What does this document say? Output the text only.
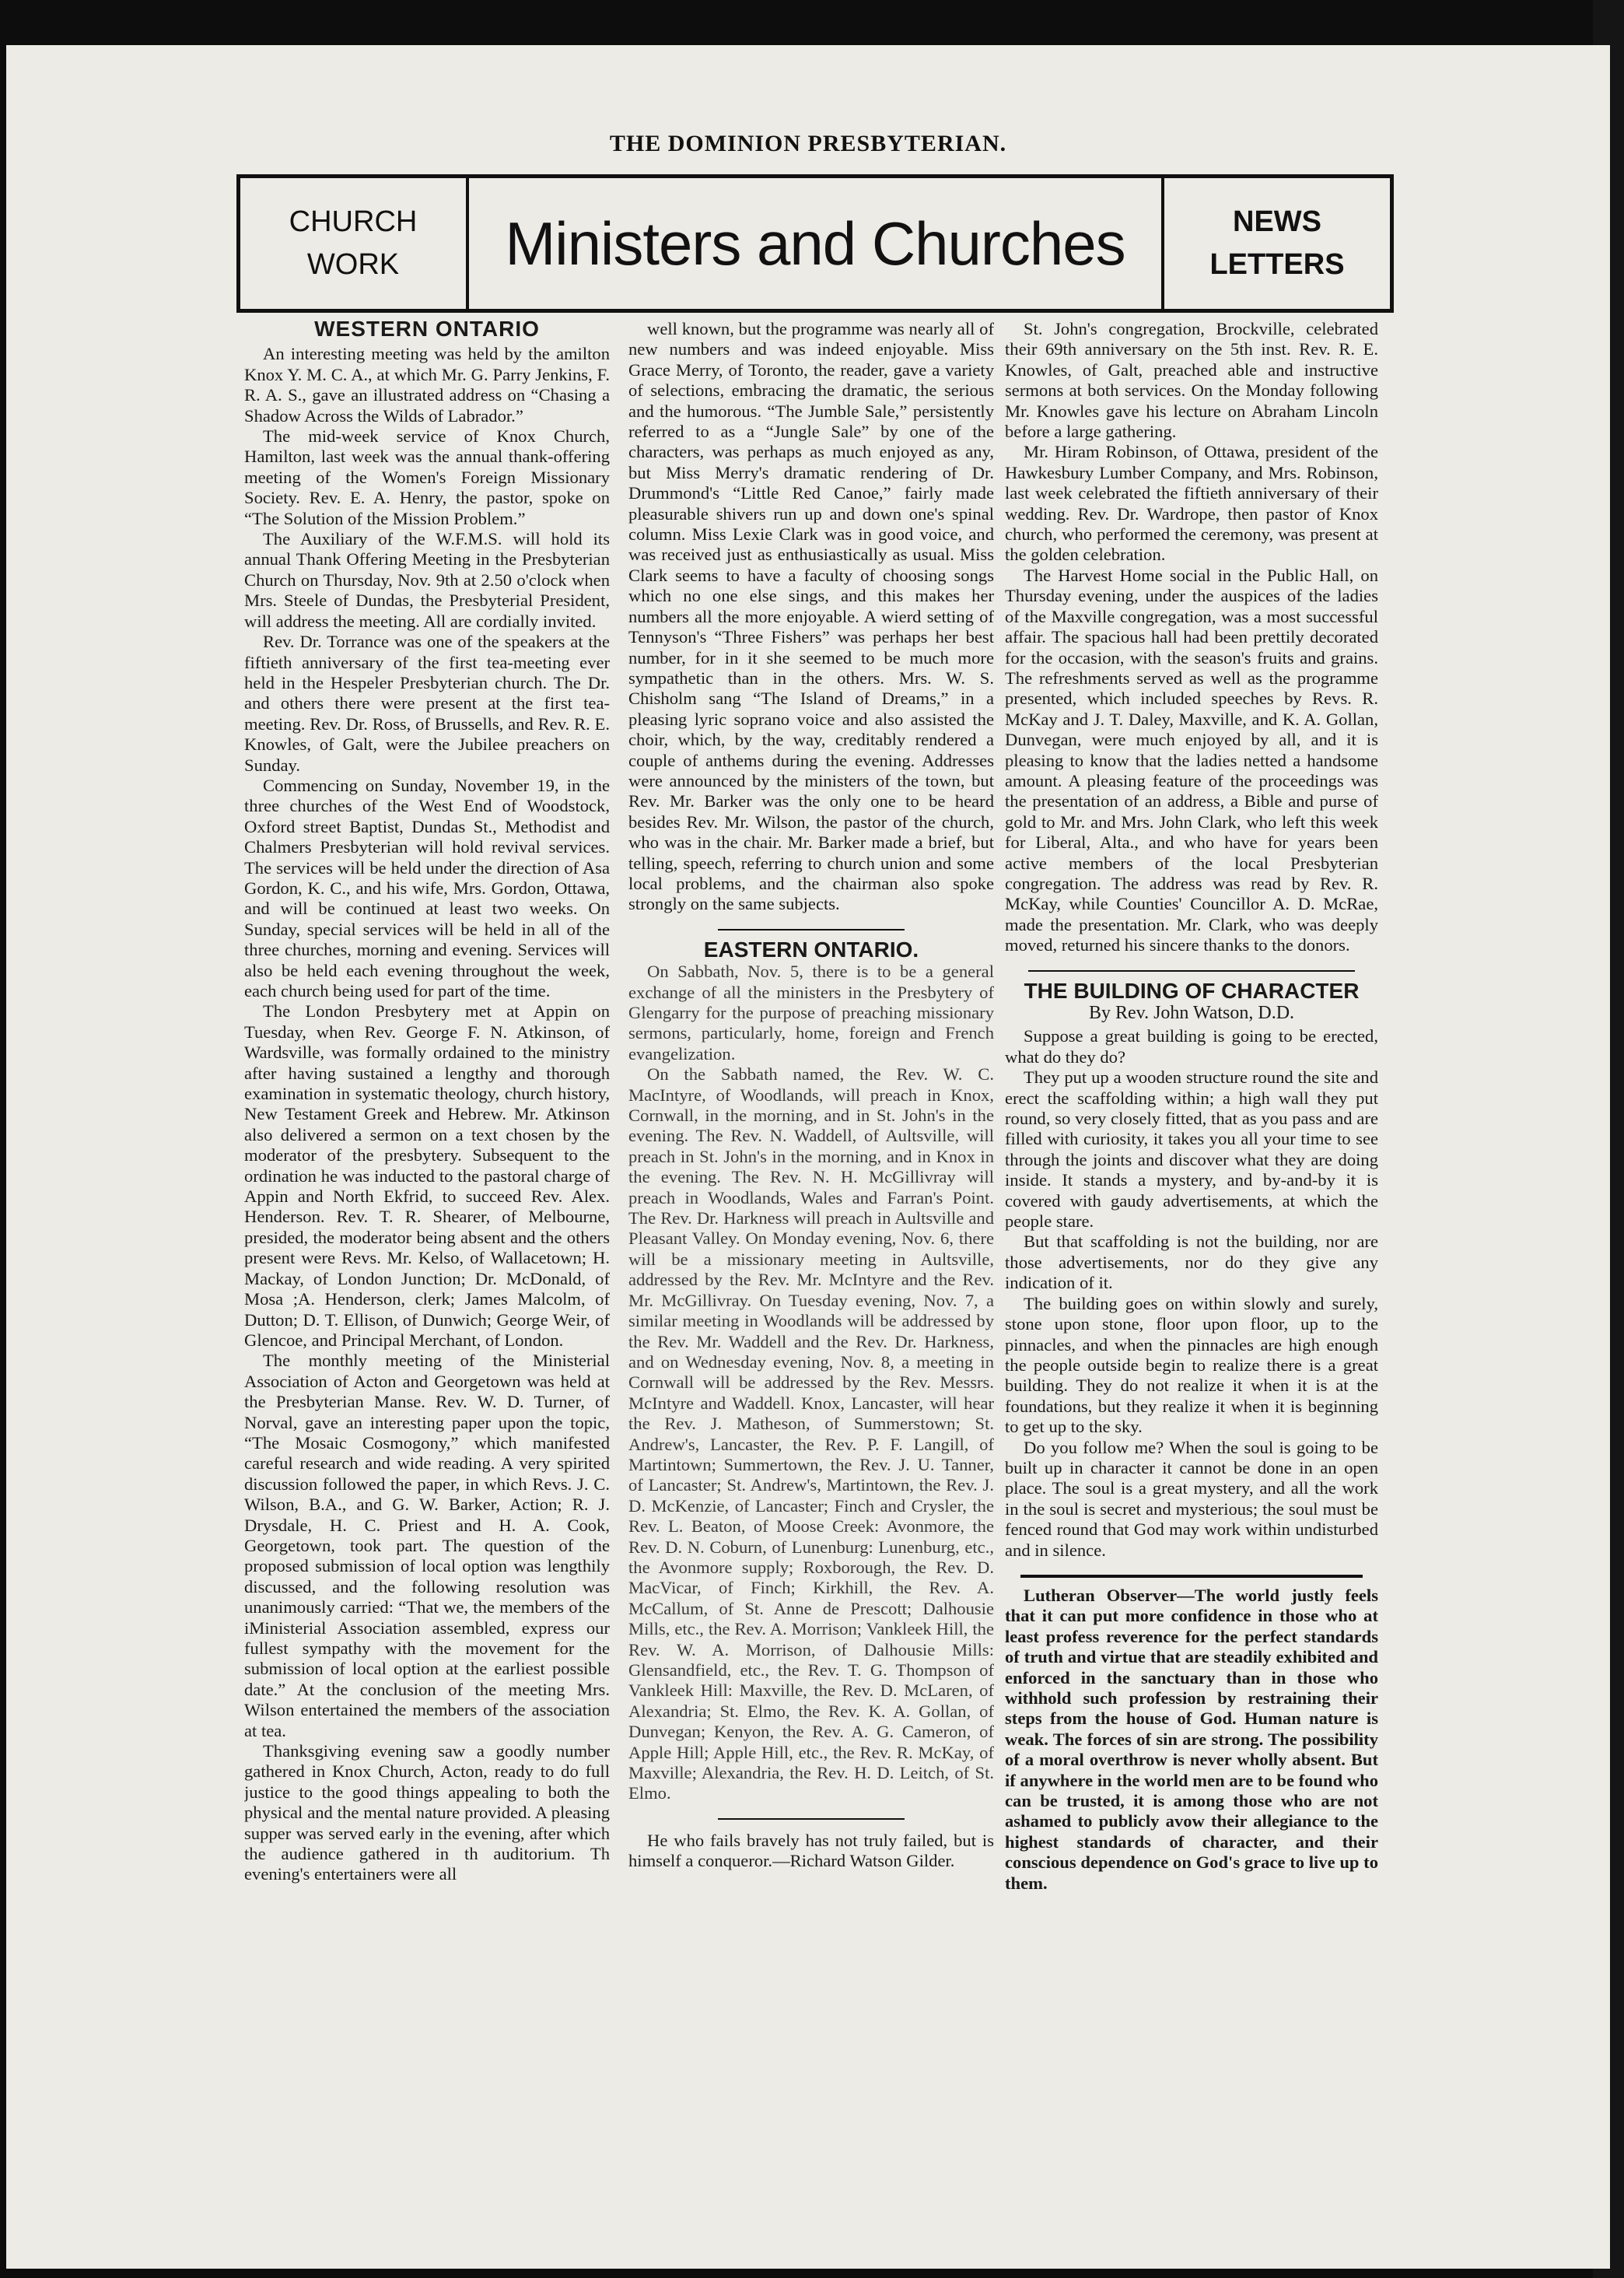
THE DOMINION PRESBYTERIAN.
CHURCH
WORK	Ministers and Churches	NEWS
LETTERS
WESTERN ONTARIO

An interesting meeting was held by the amilton Knox Y. M. C. A., at which Mr. G. Parry Jenkins, F. R. A. S., gave an illustrated address on “Chasing a Shadow Across the Wilds of Labrador.”

The mid-week service of Knox Church, Hamilton, last week was the annual thank-offering meeting of the Women's Foreign Missionary Society. Rev. E. A. Henry, the pastor, spoke on “The Solution of the Mission Problem.”

The Auxiliary of the W.F.M.S. will hold its annual Thank Offering Meeting in the Presbyterian Church on Thursday, Nov. 9th at 2.50 o'clock when Mrs. Steele of Dundas, the Presbyterial President, will address the meeting. All are cordially invited.

Rev. Dr. Torrance was one of the speakers at the fiftieth anniversary of the first tea-meeting ever held in the Hespeler Presbyterian church. The Dr. and others there were present at the first tea-meeting. Rev. Dr. Ross, of Brussells, and Rev. R. E. Knowles, of Galt, were the Jubilee preachers on Sunday.

Commencing on Sunday, November 19, in the three churches of the West End of Woodstock, Oxford street Baptist, Dundas St., Methodist and Chalmers Presbyterian will hold revival services. The services will be held under the direction of Asa Gordon, K. C., and his wife, Mrs. Gordon, Ottawa, and will be continued at least two weeks. On Sunday, special services will be held in all of the three churches, morning and evening. Services will also be held each evening throughout the week, each church being used for part of the time.

The London Presbytery met at Appin on Tuesday, when Rev. George F. N. Atkinson, of Wardsville, was formally ordained to the ministry after having sustained a lengthy and thorough examination in systematic theology, church history, New Testament Greek and Hebrew. Mr. Atkinson also delivered a sermon on a text chosen by the moderator of the presbytery. Subsequent to the ordination he was inducted to the pastoral charge of Appin and North Ekfrid, to succeed Rev. Alex. Henderson. Rev. T. R. Shearer, of Melbourne, presided, the moderator being absent and the others present were Revs. Mr. Kelso, of Wallacetown; H. Mackay, of London Junction; Dr. McDonald, of Mosa ;A. Henderson, clerk; James Malcolm, of Dutton; D. T. Ellison, of Dunwich; George Weir, of Glencoe, and Principal Merchant, of London.

The monthly meeting of the Ministerial Association of Acton and Georgetown was held at the Presbyterian Manse. Rev. W. D. Turner, of Norval, gave an interesting paper upon the topic, “The Mosaic Cosmogony,” which manifested careful research and wide reading. A very spirited discussion followed the paper, in which Revs. J. C. Wilson, B.A., and G. W. Barker, Action; R. J. Drysdale, H. C. Priest and H. A. Cook, Georgetown, took part. The question of the proposed submission of local option was lengthily discussed, and the following resolution was unanimously carried: “That we, the members of the iMinisterial Association assembled, express our fullest sympathy with the movement for the submission of local option at the earliest possible date.” At the conclusion of the meeting Mrs. Wilson entertained the members of the association at tea.

Thanksgiving evening saw a goodly number gathered in Knox Church, Acton, ready to do full justice to the good things appealing to both the physical and the mental nature provided. A pleasing supper was served early in the evening, after which the audience gathered in th auditorium. Th evening's entertainers were all

well known, but the programme was nearly all of new numbers and was indeed enjoyable. Miss Grace Merry, of Toronto, the reader, gave a variety of selections, embracing the dramatic, the serious and the humorous. “The Jumble Sale,” persistently referred to as a “Jungle Sale” by one of the characters, was perhaps as much enjoyed as any, but Miss Merry's dramatic rendering of Dr. Drummond's “Little Red Canoe,” fairly made pleasurable shivers run up and down one's spinal column. Miss Lexie Clark was in good voice, and was received just as enthusiastically as usual. Miss Clark seems to have a faculty of choosing songs which no one else sings, and this makes her numbers all the more enjoyable. A wierd setting of Tennyson's “Three Fishers” was perhaps her best number, for in it she seemed to be much more sympathetic than in the others. Mrs. W. S. Chisholm sang “The Island of Dreams,” in a pleasing lyric soprano voice and also assisted the choir, which, by the way, creditably rendered a couple of anthems during the evening. Addresses were announced by the ministers of the town, but Rev. Mr. Barker was the only one to be heard besides Rev. Mr. Wilson, the pastor of the church, who was in the chair. Mr. Barker made a brief, but telling, speech, referring to church union and some local problems, and the chairman also spoke strongly on the same subjects.

EASTERN ONTARIO.

On Sabbath, Nov. 5, there is to be a general exchange of all the ministers in the Presbytery of Glengarry for the purpose of preaching missionary sermons, particularly, home, foreign and French evangelization.

On the Sabbath named, the Rev. W. C. MacIntyre, of Woodlands, will preach in Knox, Cornwall, in the morning, and in St. John's in the evening. The Rev. N. Waddell, of Aultsville, will preach in St. John's in the morning, and in Knox in the evening. The Rev. N. H. McGillivray will preach in Woodlands, Wales and Farran's Point. The Rev. Dr. Harkness will preach in Aultsville and Pleasant Valley. On Monday evening, Nov. 6, there will be a missionary meeting in Aultsville, addressed by the Rev. Mr. McIntyre and the Rev. Mr. McGillivray. On Tuesday evening, Nov. 7, a similar meeting in Woodlands will be addressed by the Rev. Mr. Waddell and the Rev. Dr. Harkness, and on Wednesday evening, Nov. 8, a meeting in Cornwall will be addressed by the Rev. Messrs. McIntyre and Waddell. Knox, Lancaster, will hear the Rev. J. Matheson, of Summerstown; St. Andrew's, Lancaster, the Rev. P. F. Langill, of Martintown; Summertown, the Rev. J. U. Tanner, of Lancaster; St. Andrew's, Martintown, the Rev. J. D. McKenzie, of Lancaster; Finch and Crysler, the Rev. L. Beaton, of Moose Creek: Avonmore, the Rev. D. N. Coburn, of Lunenburg: Lunenburg, etc., the Avonmore supply; Roxborough, the Rev. D. MacVicar, of Finch; Kirkhill, the Rev. A. McCallum, of St. Anne de Prescott; Dalhousie Mills, etc., the Rev. A. Morrison; Vankleek Hill, the Rev. W. A. Morrison, of Dalhousie Mills: Glensandfield, etc., the Rev. T. G. Thompson of Vankleek Hill: Maxville, the Rev. D. McLaren, of Alexandria; St. Elmo, the Rev. K. A. Gollan, of Dunvegan; Kenyon, the Rev. A. G. Cameron, of Apple Hill; Apple Hill, etc., the Rev. R. McKay, of Maxville; Alexandria, the Rev. H. D. Leitch, of St. Elmo.

He who fails bravely has not truly failed, but is himself a conqueror.—Richard Watson Gilder.

St. John's congregation, Brockville, celebrated their 69th anniversary on the 5th inst. Rev. R. E. Knowles, of Galt, preached able and instructive sermons at both services. On the Monday following Mr. Knowles gave his lecture on Abraham Lincoln before a large gathering.

Mr. Hiram Robinson, of Ottawa, president of the Hawkesbury Lumber Company, and Mrs. Robinson, last week celebrated the fiftieth anniversary of their wedding. Rev. Dr. Wardrope, then pastor of Knox church, who performed the ceremony, was present at the golden celebration.

The Harvest Home social in the Public Hall, on Thursday evening, under the auspices of the ladies of the Maxville congregation, was a most successful affair. The spacious hall had been prettily decorated for the occasion, with the season's fruits and grains. The refreshments served as well as the programme presented, which included speeches by Revs. R. McKay and J. T. Daley, Maxville, and K. A. Gollan, Dunvegan, were much enjoyed by all, and it is pleasing to know that the ladies netted a handsome amount. A pleasing feature of the proceedings was the presentation of an address, a Bible and purse of gold to Mr. and Mrs. John Clark, who left this week for Liberal, Alta., and who have for years been active members of the local Presbyterian congregation. The address was read by Rev. R. McKay, while Counties' Councillor A. D. McRae, made the presentation. Mr. Clark, who was deeply moved, returned his sincere thanks to the donors.

THE BUILDING OF CHARACTER
By Rev. John Watson, D.D.

Suppose a great building is going to be erected, what do they do?

They put up a wooden structure round the site and erect the scaffolding within; a high wall they put round, so very closely fitted, that as you pass and are filled with curiosity, it takes you all your time to see through the joints and discover what they are doing inside. It stands a mystery, and by-and-by it is covered with gaudy advertisements, at which the people stare.

But that scaffolding is not the building, nor are those advertisements, nor do they give any indication of it.

The building goes on within slowly and surely, stone upon stone, floor upon floor, up to the pinnacles, and when the pinnacles are high enough the people outside begin to realize there is a great building. They do not realize it when it is at the foundations, but they realize it when it is beginning to get up to the sky.

Do you follow me? When the soul is going to be built up in character it cannot be done in an open place. The soul is a great mystery, and all the work in the soul is secret and mysterious; the soul must be fenced round that God may work within undisturbed and in silence.

Lutheran Observer—The world justly feels that it can put more confidence in those who at least profess reverence for the perfect standards of truth and virtue that are steadily exhibited and enforced in the sanctuary than in those who withhold such profession by restraining their steps from the house of God. Human nature is weak. The forces of sin are strong. The possibility of a moral overthrow is never wholly absent. But if anywhere in the world men are to be found who can be trusted, it is among those who are not ashamed to publicly avow their allegiance to the highest standards of character, and their conscious dependence on God's grace to live up to them.
